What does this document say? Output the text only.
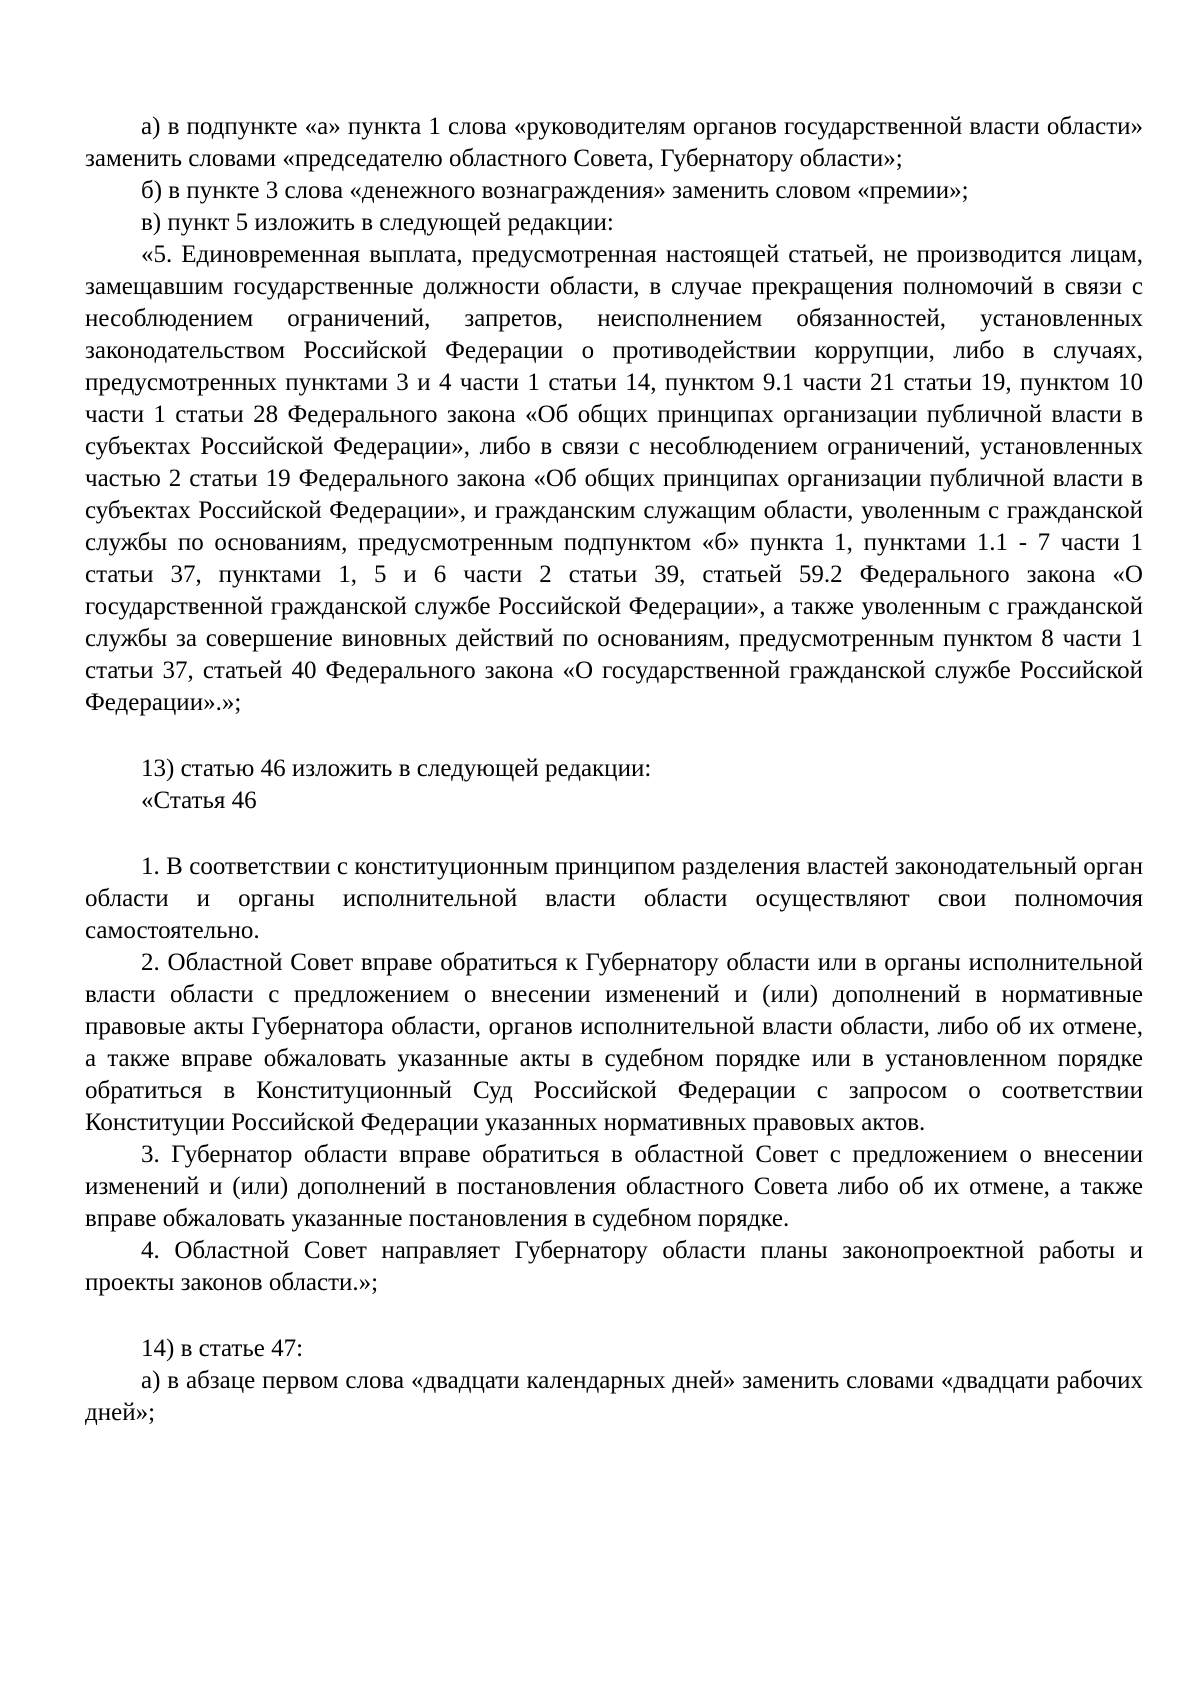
а) в подпункте «а» пункта 1 слова «руководителям органов государственной власти области» заменить словами «председателю областного Совета, Губернатору области»;

б) в пункте 3 слова «денежного вознаграждения» заменить словом «премии»;

в) пункт 5 изложить в следующей редакции:

«5. Единовременная выплата, предусмотренная настоящей статьей, не производится лицам, замещавшим государственные должности области, в случае прекращения полномочий в связи с несоблюдением ограничений, запретов, неисполнением обязанностей, установленных законодательством Российской Федерации о противодействии коррупции, либо в случаях, предусмотренных пунктами 3 и 4 части 1 статьи 14, пунктом 9.1 части 21 статьи 19, пунктом 10 части 1 статьи 28 Федерального закона «Об общих принципах организации публичной власти в субъектах Российской Федерации», либо в связи с несоблюдением ограничений, установленных частью 2 статьи 19 Федерального закона «Об общих принципах организации публичной власти в субъектах Российской Федерации», и гражданским служащим области, уволенным с гражданской службы по основаниям, предусмотренным подпунктом «б» пункта 1, пунктами 1.1 - 7 части 1 статьи 37, пунктами 1, 5 и 6 части 2 статьи 39, статьей 59.2 Федерального закона «О государственной гражданской службе Российской Федерации», а также уволенным с гражданской службы за совершение виновных действий по основаниям, предусмотренным пунктом 8 части 1 статьи 37, статьей 40 Федерального закона «О государственной гражданской службе Российской Федерации».»;

13) статью 46 изложить в следующей редакции:

«Статья 46

1. В соответствии с конституционным принципом разделения властей законодательный орган области и органы исполнительной власти области осуществляют свои полномочия самостоятельно.

2. Областной Совет вправе обратиться к Губернатору области или в органы исполнительной власти области с предложением о внесении изменений и (или) дополнений в нормативные правовые акты Губернатора области, органов исполнительной власти области, либо об их отмене, а также вправе обжаловать указанные акты в судебном порядке или в установленном порядке обратиться в Конституционный Суд Российской Федерации с запросом о соответствии Конституции Российской Федерации указанных нормативных правовых актов.

3. Губернатор области вправе обратиться в областной Совет с предложением о внесении изменений и (или) дополнений в постановления областного Совета либо об их отмене, а также вправе обжаловать указанные постановления в судебном порядке.

4. Областной Совет направляет Губернатору области планы законопроектной работы и проекты законов области.»;

14) в статье 47:

а) в абзаце первом слова «двадцати календарных дней» заменить словами «двадцати рабочих дней»;
